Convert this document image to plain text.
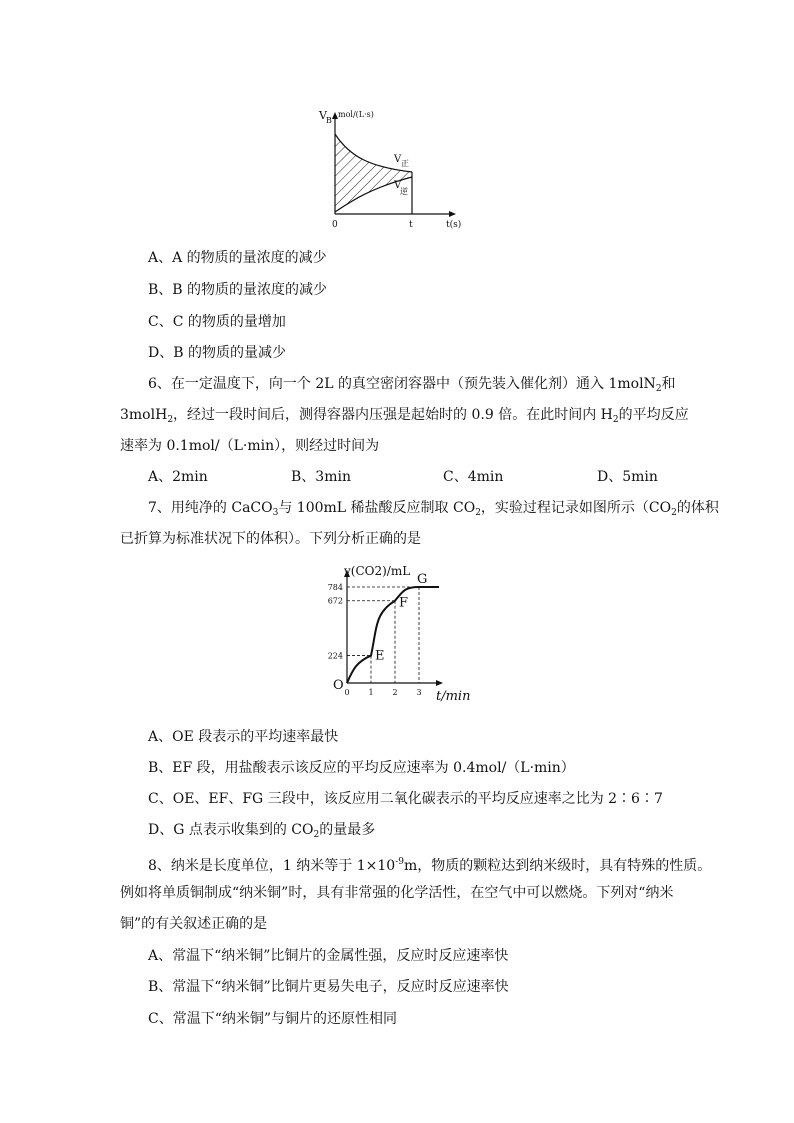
V B
mol/(L·s)
V 正
V
逆
0	t	t(s)
A、A 的物质的量浓度的减少
B、B 的物质的量浓度的减少
C、C 的物质的量增加
D、B 的物质的量减少
6、在一定温度下，向一个 2L 的真空密闭容器中（预先装入催化剂）通入 1molN$_2$和
3molH$_2$，经过一段时间后，测得容器内压强是起始时的 0.9 倍。在此时间内 $H_2$的平均反应
速率为 0.1mol/（L·min），则经过时间为
A、2min	B、3min	C、4min	D、5min
7、用纯净的 CaCO$_3$与 100mL 稀盐酸反应制取 $CO_2$，实验过程记录如图所示（$CO_2$的体积
已折算为标准状况下的体积）。下列分析正确的是
224
672
784
0 1 2 3
O
E
F
G
v(CO2)/mL
t/min
A、OE 段表示的平均速率最快
B、EF 段，用盐酸表示该反应的平均反应速率为 0.4mol/（L·min）
C、OE、EF、FG 三段中，该反应用二氧化碳表示的平均反应速率之比为 2∶6∶7
D、G 点表示收集到的 $CO_2$的量最多
8、纳米是长度单位，1 纳米等于 $1\times 10^{-9}m$，物质的颗粒达到纳米级时，具有特殊的性质。
例如将单质铜制成“纳米铜”时，具有非常强的化学活性，在空气中可以燃烧。下列对“纳米
铜”的有关叙述正确的是
A、常温下“纳米铜”比铜片的金属性强，反应时反应速率快
B、常温下“纳米铜”比铜片更易失电子，反应时反应速率快
C、常温下“纳米铜”与铜片的还原性相同
